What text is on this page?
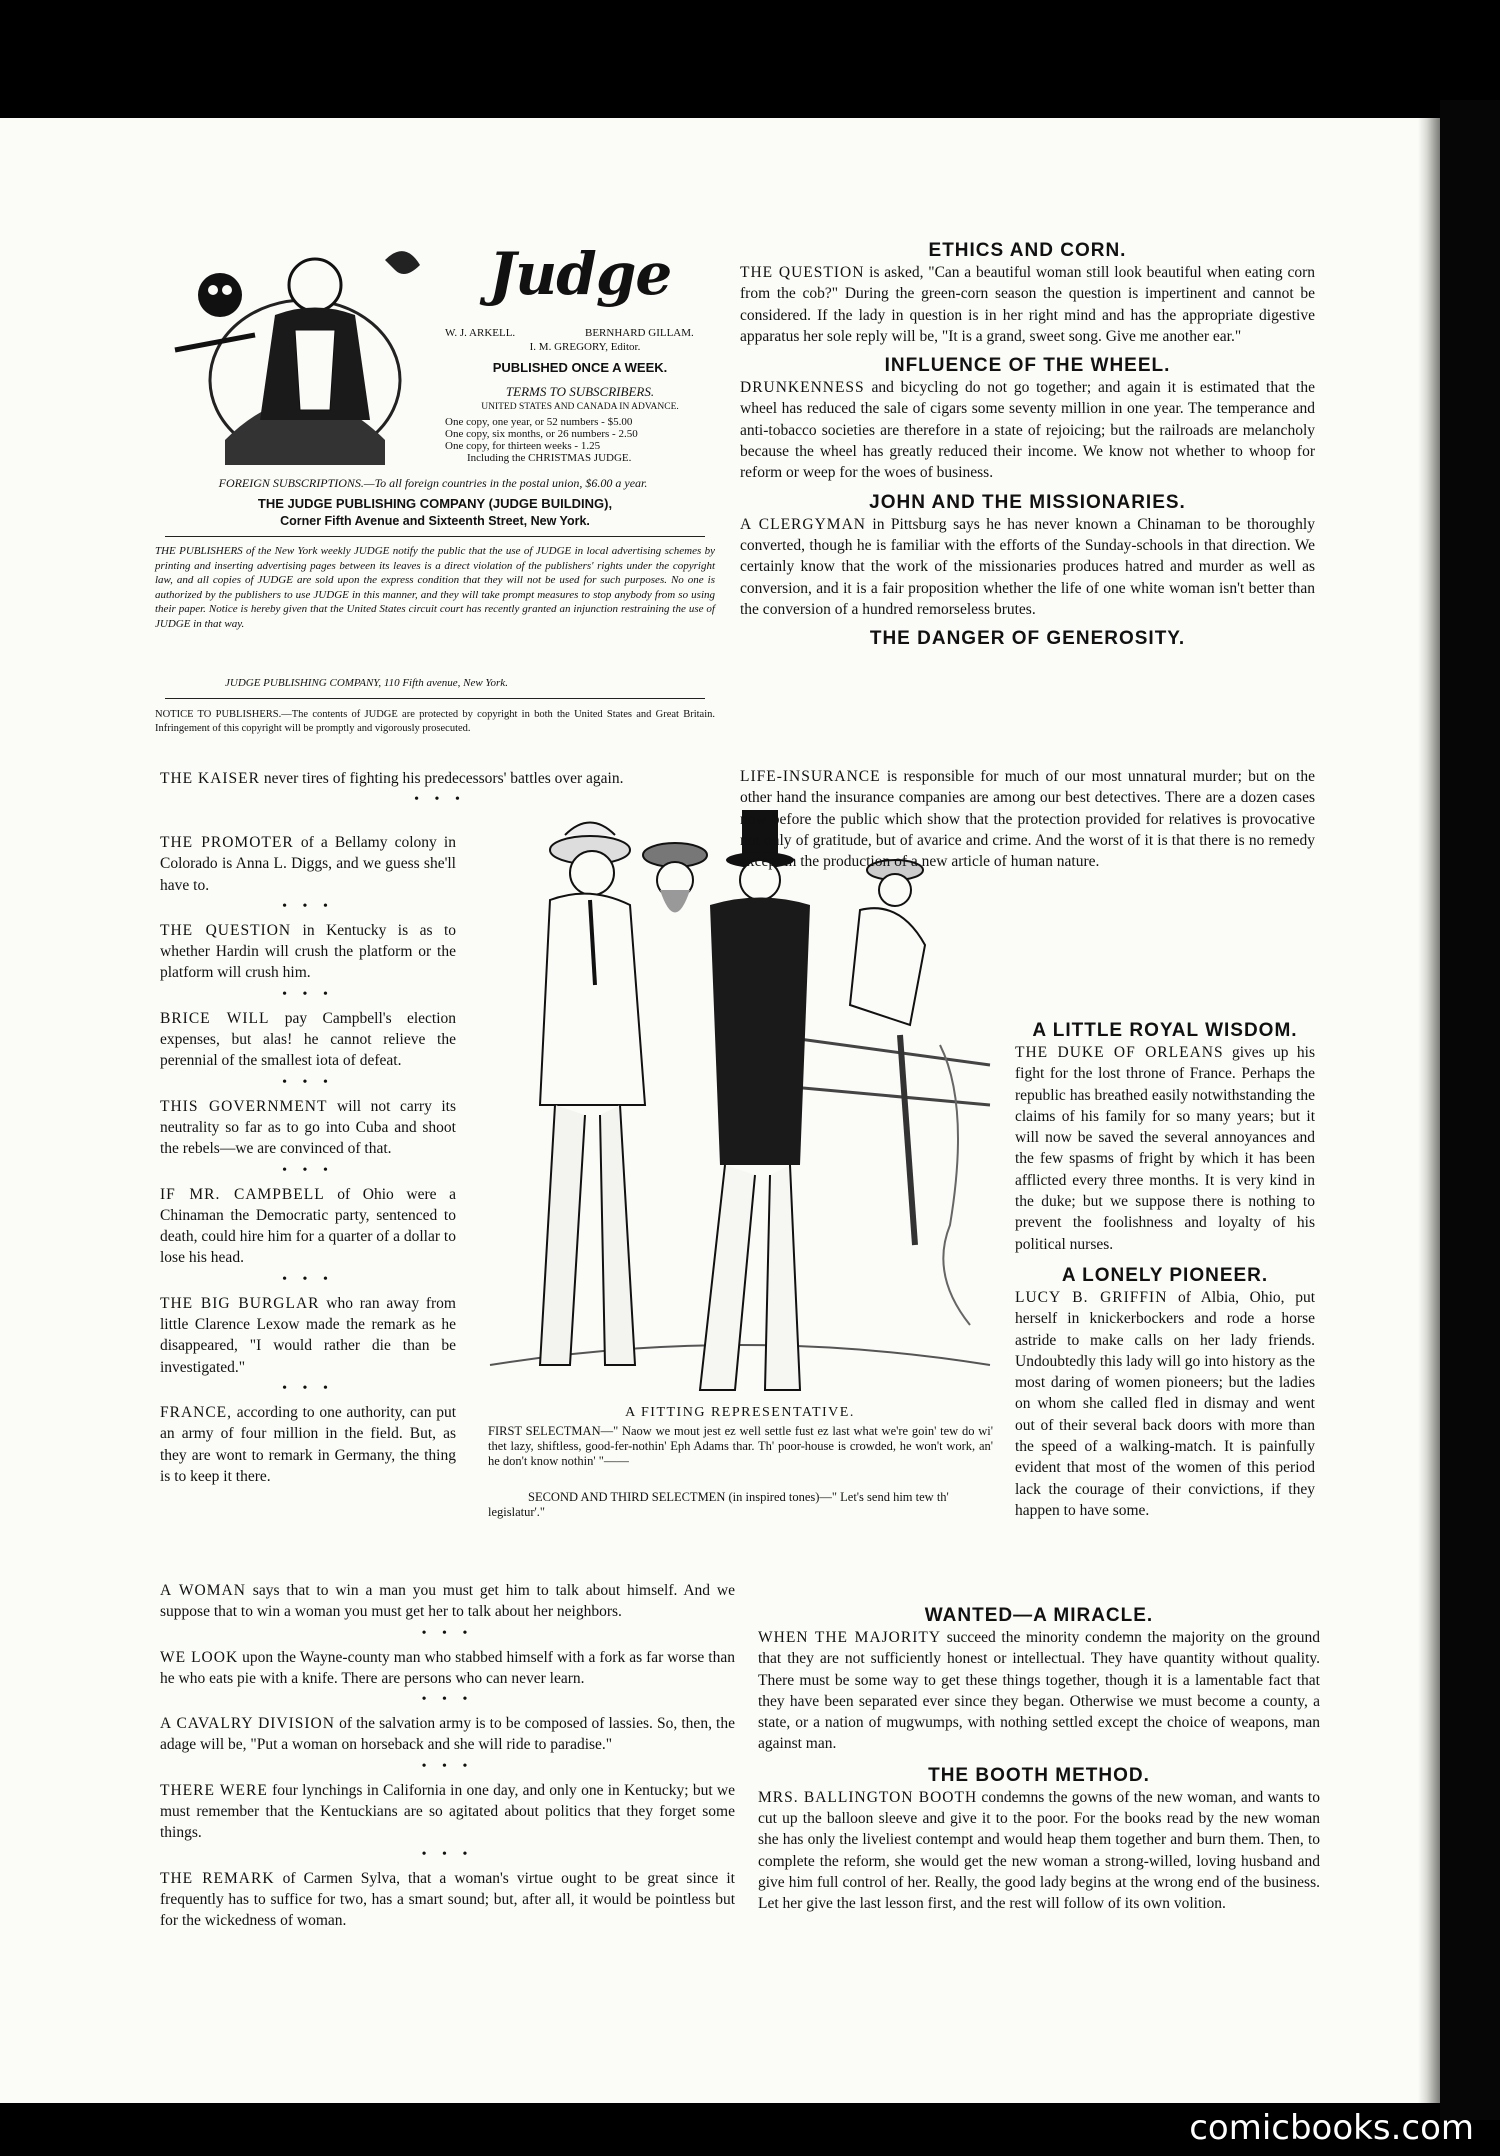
Judge
W. J. ARKELL.	BERNHARD GILLAM.
I. M. GREGORY, Editor.
PUBLISHED ONCE A WEEK.
TERMS TO SUBSCRIBERS.
UNITED STATES AND CANADA IN ADVANCE.
One copy, one year, or 52 numbers - $5.00
One copy, six months, or 26 numbers - 2.50
One copy, for thirteen weeks - 1.25
Including the CHRISTMAS JUDGE.
FOREIGN SUBSCRIPTIONS.—To all foreign countries in the postal union, $6.00 a year.
THE JUDGE PUBLISHING COMPANY (JUDGE BUILDING),
Corner Fifth Avenue and Sixteenth Street, New York.
THE PUBLISHERS of the New York weekly JUDGE notify the public that the use of JUDGE in local advertising schemes by printing and inserting advertising pages between its leaves is a direct violation of the publishers' rights under the copyright law, and all copies of JUDGE are sold upon the express condition that they will not be used for such purposes. No one is authorized by the publishers to use JUDGE in this manner, and they will take prompt measures to stop anybody from so using their paper. Notice is hereby given that the United States circuit court has recently granted an injunction restraining the use of JUDGE in that way.
JUDGE PUBLISHING COMPANY, 110 Fifth avenue, New York.
NOTICE TO PUBLISHERS.—The contents of JUDGE are protected by copyright in both the United States and Great Britain. Infringement of this copyright will be promptly and vigorously prosecuted.

THE KAISER never tires of fighting his predecessors' battles over again.

• • •

THE PROMOTER of a Bellamy colony in Colorado is Anna L. Diggs, and we guess she'll have to.

• • •

THE QUESTION in Kentucky is as to whether Hardin will crush the platform or the platform will crush him.

• • •

BRICE WILL pay Campbell's election expenses, but alas! he cannot relieve the perennial of the smallest iota of defeat.

• • •

THIS GOVERNMENT will not carry its neutrality so far as to go into Cuba and shoot the rebels—we are convinced of that.

• • •

IF MR. CAMPBELL of Ohio were a Chinaman the Democratic party, sentenced to death, could hire him for a quarter of a dollar to lose his head.

• • •

THE BIG BURGLAR who ran away from little Clarence Lexow made the remark as he disappeared, "I would rather die than be investigated."

• • •

FRANCE, according to one authority, can put an army of four million in the field. But, as they are wont to remark in Germany, the thing is to keep it there.

A FITTING REPRESENTATIVE.
FIRST SELECTMAN—" Naow we mout jest ez well settle fust ez last what we're goin' tew do wi' thet lazy, shiftless, good-fer-nothin' Eph Adams thar. Th' poor-house is crowded, he won't work, an' he don't know nothin' "——
SECOND AND THIRD SELECTMEN (in inspired tones)—" Let's send him tew th' legislatur'."

A WOMAN says that to win a man you must get him to talk about himself. And we suppose that to win a woman you must get her to talk about her neighbors.

• • •

WE LOOK upon the Wayne-county man who stabbed himself with a fork as far worse than he who eats pie with a knife. There are persons who can never learn.

• • •

A CAVALRY DIVISION of the salvation army is to be composed of lassies. So, then, the adage will be, "Put a woman on horseback and she will ride to paradise."

• • •

THERE WERE four lynchings in California in one day, and only one in Kentucky; but we must remember that the Kentuckians are so agitated about politics that they forget some things.

• • •

THE REMARK of Carmen Sylva, that a woman's virtue ought to be great since it frequently has to suffice for two, has a smart sound; but, after all, it would be pointless but for the wickedness of woman.

ETHICS AND CORN.

THE QUESTION is asked, "Can a beautiful woman still look beautiful when eating corn from the cob?" During the green-corn season the question is impertinent and cannot be considered. If the lady in question is in her right mind and has the appropriate digestive apparatus her sole reply will be, "It is a grand, sweet song. Give me another ear."

INFLUENCE OF THE WHEEL.

DRUNKENNESS and bicycling do not go together; and again it is estimated that the wheel has reduced the sale of cigars some seventy million in one year. The temperance and anti-tobacco societies are therefore in a state of rejoicing; but the railroads are melancholy because the wheel has greatly reduced their income. We know not whether to whoop for reform or weep for the woes of business.

JOHN AND THE MISSIONARIES.

A CLERGYMAN in Pittsburg says he has never known a Chinaman to be thoroughly converted, though he is familiar with the efforts of the Sunday-schools in that direction. We certainly know that the work of the missionaries produces hatred and murder as well as conversion, and it is a fair proposition whether the life of one white woman isn't better than the conversion of a hundred remorseless brutes.

THE DANGER OF GENEROSITY.

LIFE-INSURANCE is responsible for much of our most unnatural murder; but on the other hand the insurance companies are among our best detectives. There are a dozen cases now before the public which show that the protection provided for relatives is provocative not only of gratitude, but of avarice and crime. And the worst of it is that there is no remedy except in the production of a new article of human nature.

A LITTLE ROYAL WISDOM.

THE DUKE OF ORLEANS gives up his fight for the lost throne of France. Perhaps the republic has breathed easily notwithstanding the claims of his family for so many years; but it will now be saved the several annoyances and the few spasms of fright by which it has been afflicted every three months. It is very kind in the duke; but we suppose there is nothing to prevent the foolishness and loyalty of his political nurses.

A LONELY PIONEER.

LUCY B. GRIFFIN of Albia, Ohio, put herself in knickerbockers and rode a horse astride to make calls on her lady friends. Undoubtedly this lady will go into history as the most daring of women pioneers; but the ladies on whom she called fled in dismay and went out of their several back doors with more than the speed of a walking-match. It is painfully evident that most of the women of this period lack the courage of their convictions, if they happen to have some.

WANTED—A MIRACLE.

WHEN THE MAJORITY succeed the minority condemn the majority on the ground that they are not sufficiently honest or intellectual. They have quantity without quality. There must be some way to get these things together, though it is a lamentable fact that they have been separated ever since they began. Otherwise we must become a county, a state, or a nation of mugwumps, with nothing settled except the choice of weapons, man against man.

THE BOOTH METHOD.

MRS. BALLINGTON BOOTH condemns the gowns of the new woman, and wants to cut up the balloon sleeve and give it to the poor. For the books read by the new woman she has only the liveliest contempt and would heap them together and burn them. Then, to complete the reform, she would get the new woman a strong-willed, loving husband and give him full control of her. Really, the good lady begins at the wrong end of the business. Let her give the last lesson first, and the rest will follow of its own volition.

comicbooks.com
